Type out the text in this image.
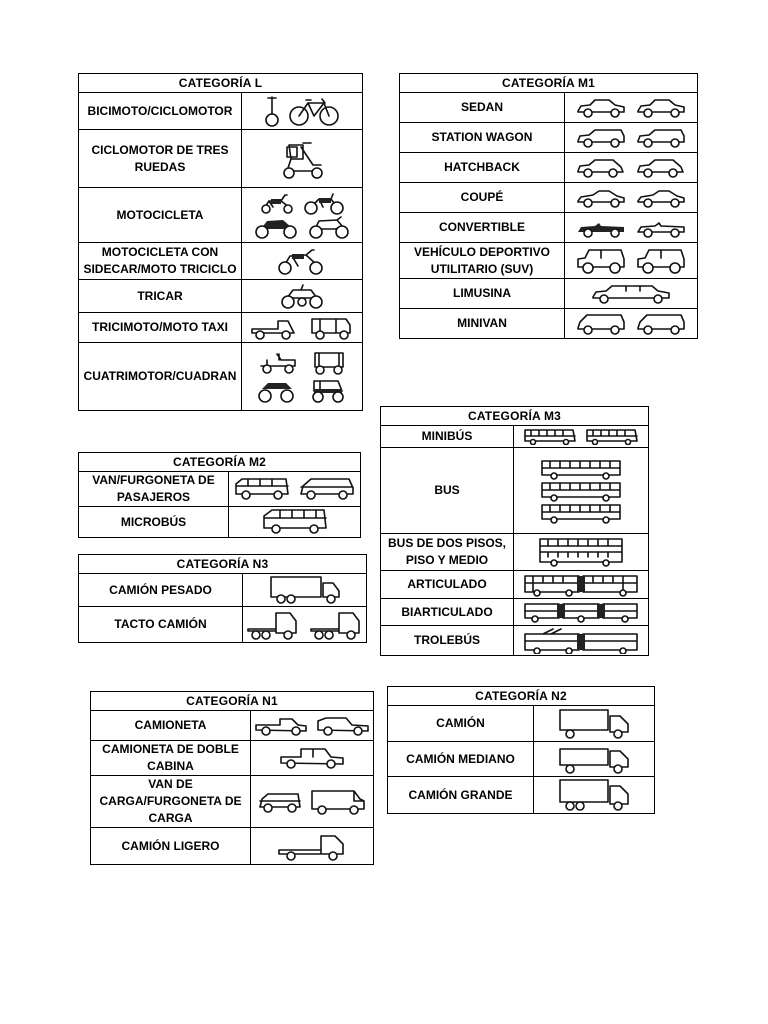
CATEGORÍA L	
BICIMOTO/CICLOMOTOR	
CICLOMOTOR DE TRES RUEDAS	
MOTOCICLETA	

MOTOCICLETA CON SIDECAR/MOTO TRICICLO	
TRICAR	
TRICIMOTO/MOTO TAXI	
CUATRIMOTOR/CUADRAN	

CATEGORÍA M1	
SEDAN	
STATION WAGON	
HATCHBACK	
COUPÉ	
CONVERTIBLE	
VEHÍCULO DEPORTIVO UTILITARIO (SUV)	
LIMUSINA	
MINIVAN	
CATEGORÍA M3	
MINIBÚS	
BUS	

BUS DE DOS PISOS, PISO Y MEDIO	
ARTICULADO	
BIARTICULADO	
TROLEBÚS	
CATEGORÍA M2	
VAN/FURGONETA DE PASAJEROS	
MICROBÚS	
CATEGORÍA N3	
CAMIÓN PESADO	
TACTO CAMIÓN	
CATEGORÍA N1	
CAMIONETA	
CAMIONETA DE DOBLE CABINA	
VAN DE CARGA/FURGONETA DE CARGA	
CAMIÓN LIGERO	
CATEGORÍA N2	
CAMIÓN	
CAMIÓN MEDIANO	
CAMIÓN GRANDE	
